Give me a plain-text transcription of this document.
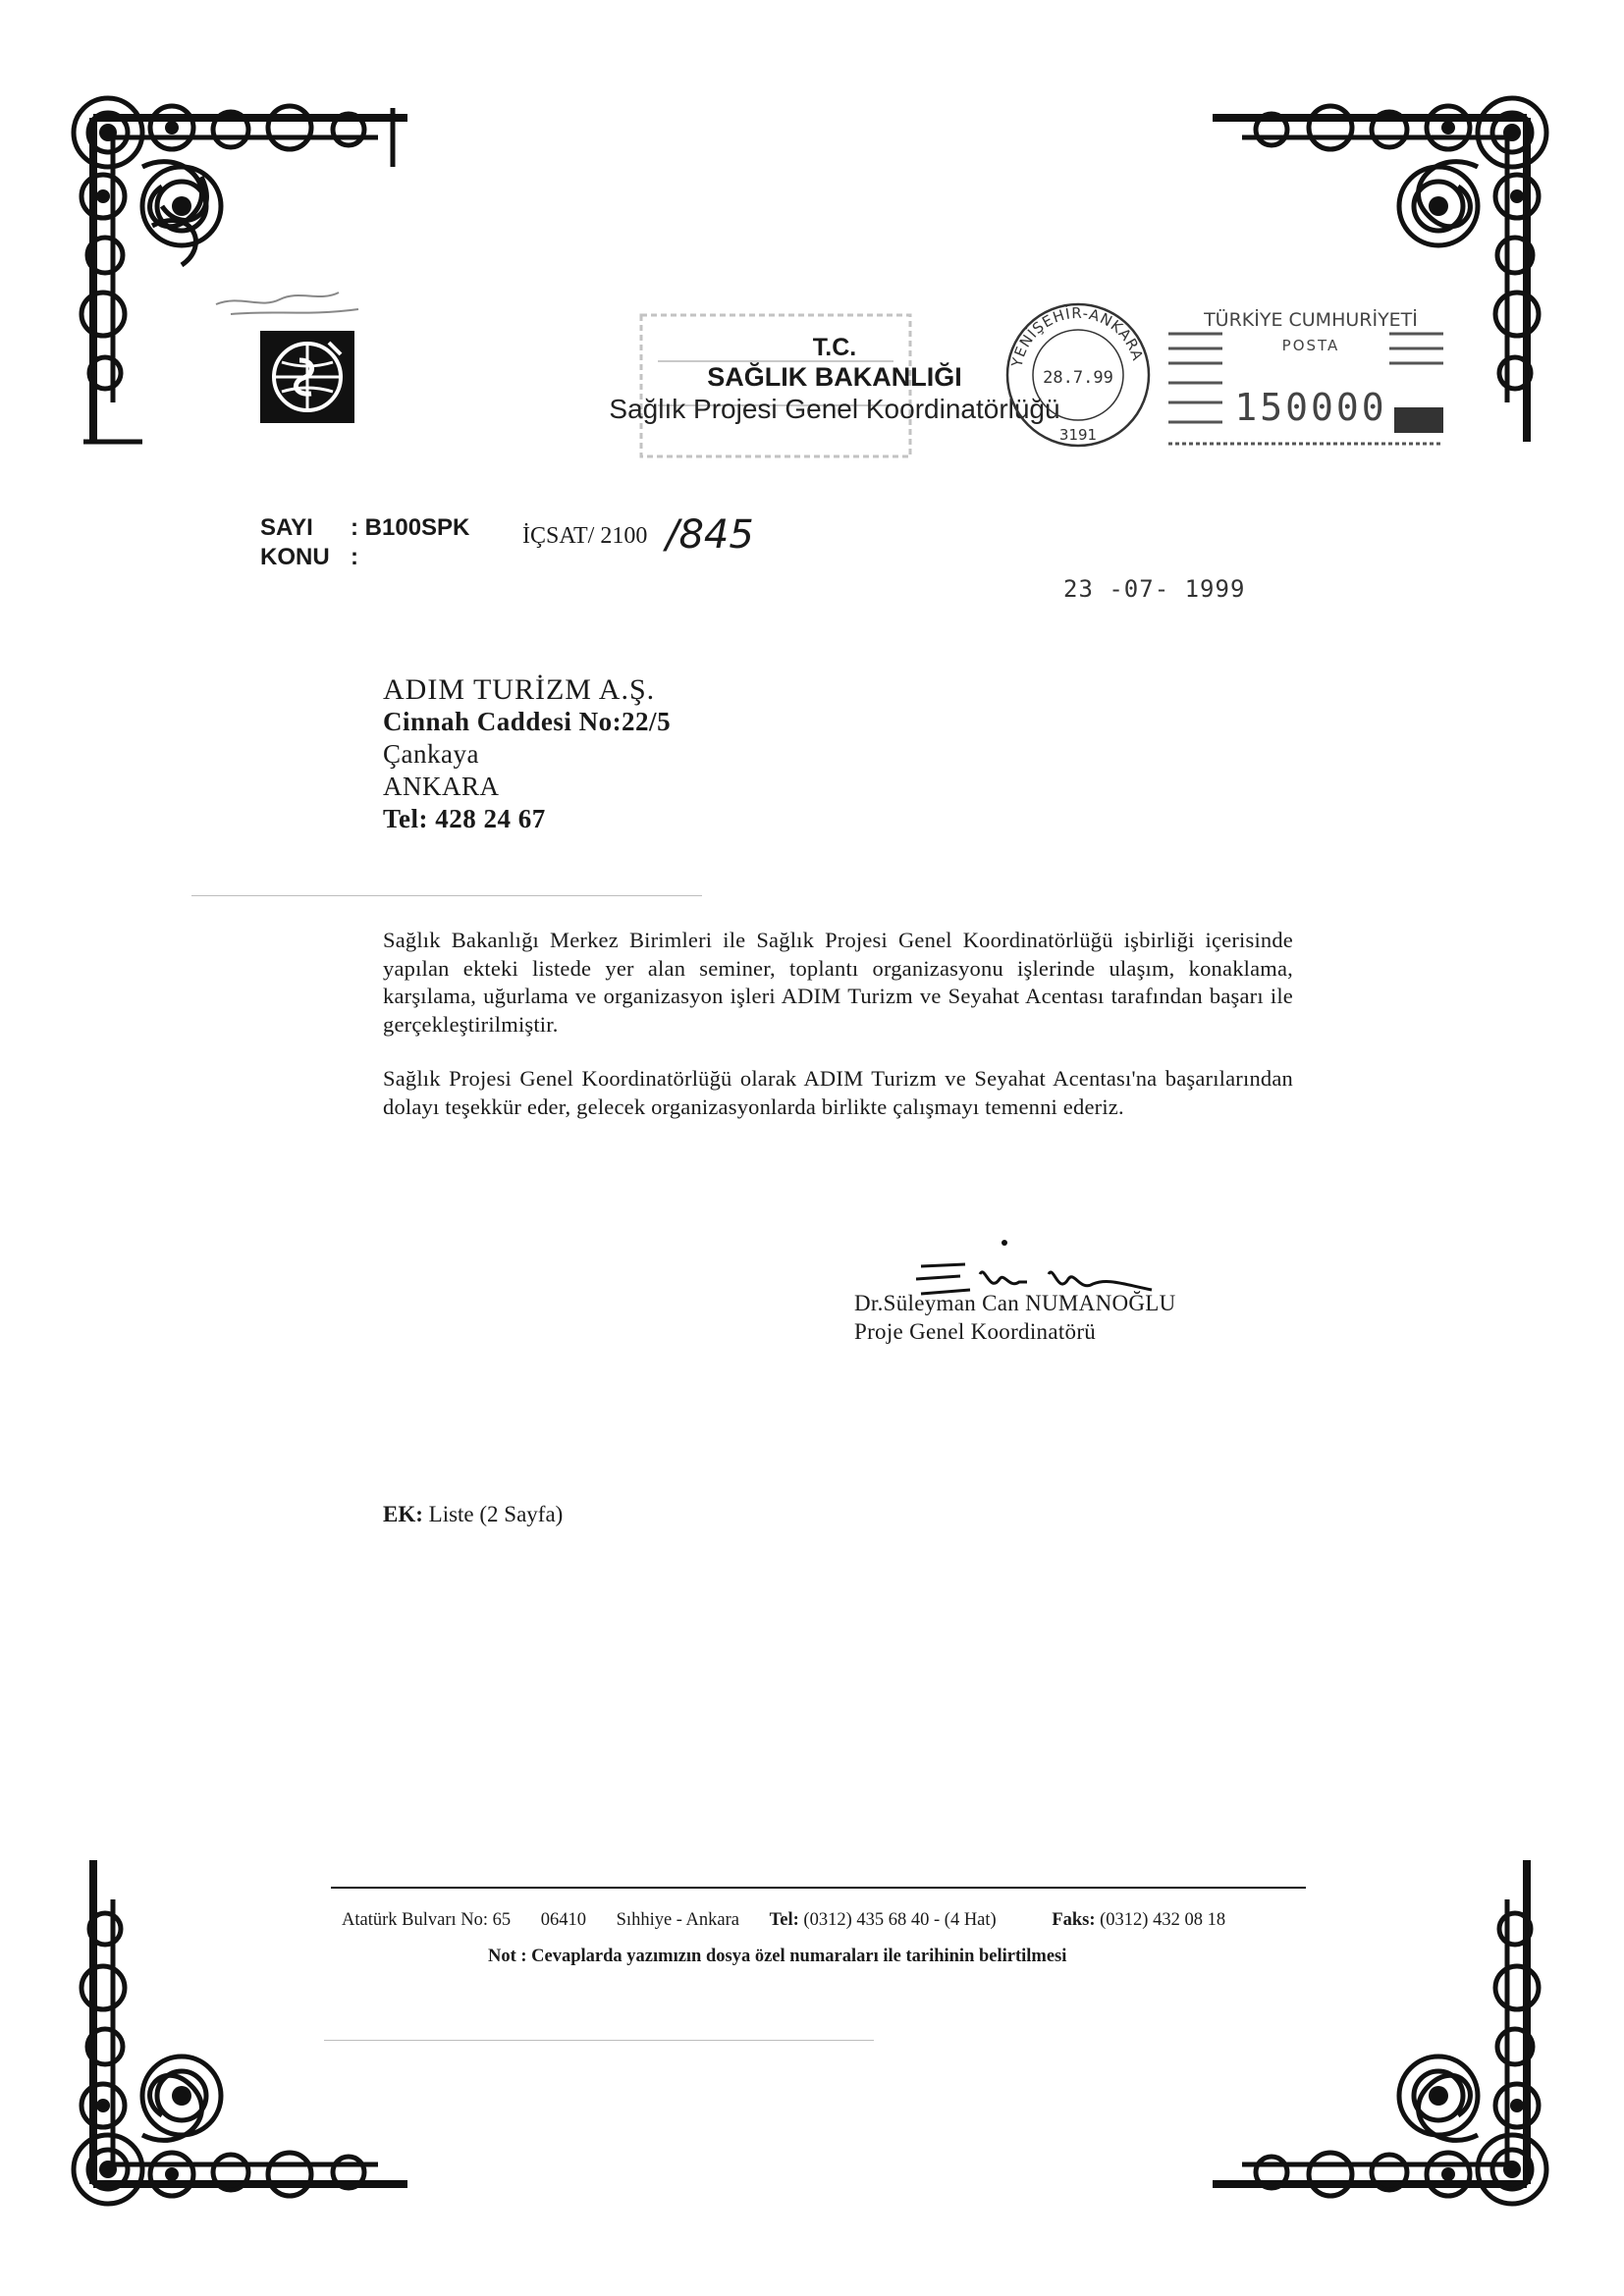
T.C.
SAĞLIK BAKANLIĞI
Sağlık Projesi Genel Koordinatörlüğü
YENİŞEHİR-ANKARA
28.7.99
3191
TÜRKİYE CUMHURİYETİ
POSTA
150000
SAYI : B100SPK
KONU :
İÇSAT/ 2100 /845
23 -07- 1999
ADIM TURİZM A.Ş.
Cinnah Caddesi No:22/5
Çankaya
ANKARA
Tel: 428 24 67

Sağlık Bakanlığı Merkez Birimleri ile Sağlık Projesi Genel Koordinatörlüğü işbirliği içerisinde yapılan ekteki listede yer alan seminer, toplantı organizasyonu işlerinde ulaşım, konaklama, karşılama, uğurlama ve organizasyon işleri ADIM Turizm ve Seyahat Acentası tarafından başarı ile gerçekleştirilmiştir.

Sağlık Projesi Genel Koordinatörlüğü olarak ADIM Turizm ve Seyahat Acentası'na başarılarından dolayı teşekkür eder, gelecek organizasyonlarda birlikte çalışmayı temenni ederiz.

Dr.Süleyman Can NUMANOĞLU
Proje Genel Koordinatörü
EK: Liste (2 Sayfa)
Atatürk Bulvarı No: 65 06410 Sıhhiye - Ankara Tel: (0312) 435 68 40 - (4 Hat)	Faks: (0312) 432 08 18
Not : Cevaplarda yazımızın dosya özel numaraları ile tarihinin belirtilmesi
